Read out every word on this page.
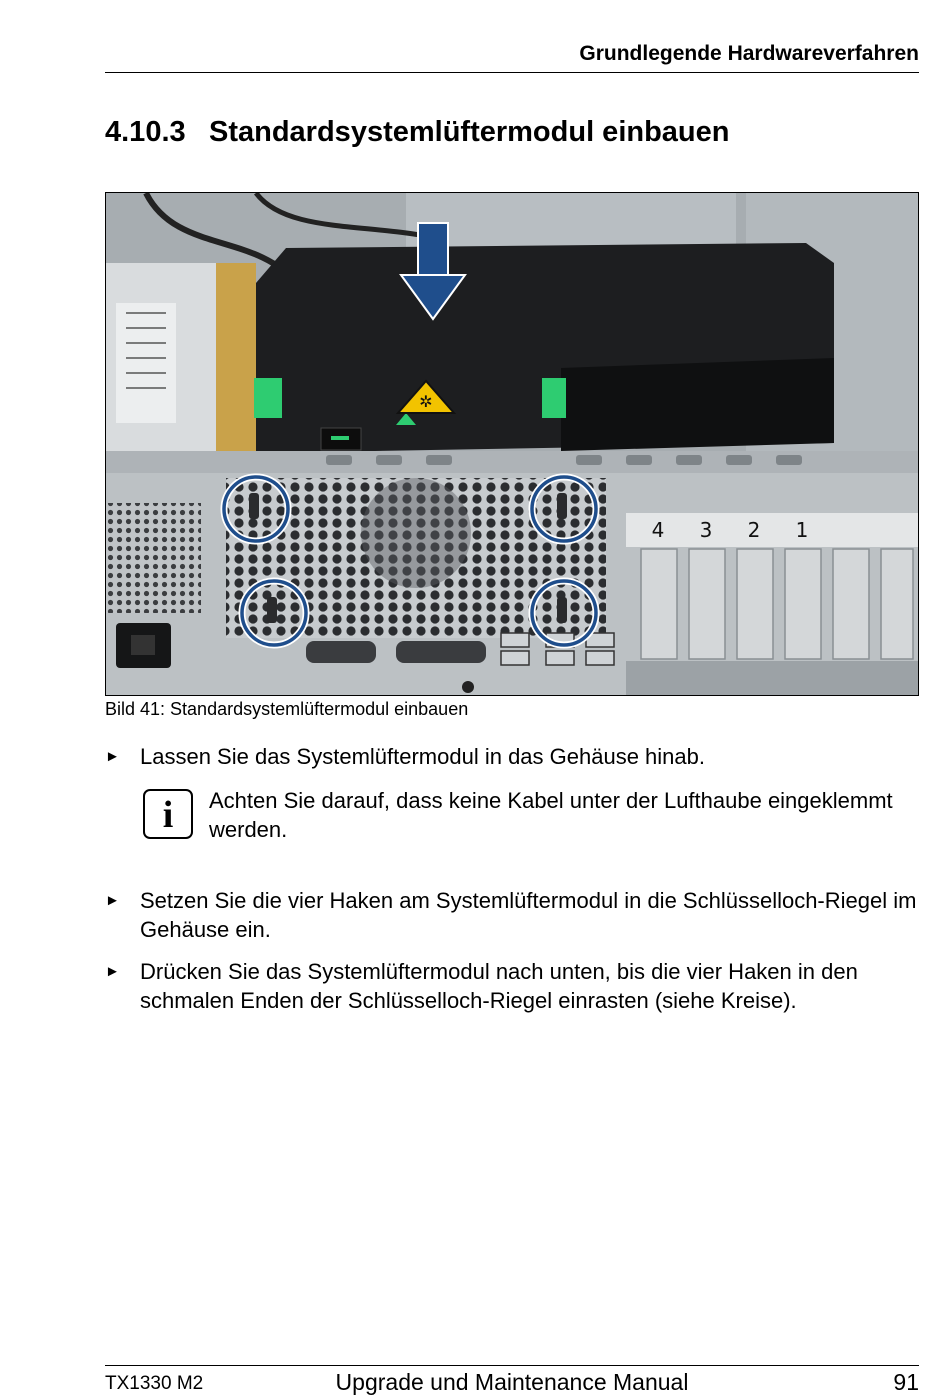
Grundlegende Hardwareverfahren
4.10.3 Standardsystemlüftermodul einbauen
✲
4 3 2 1
Bild 41: Standardsystemlüftermodul einbauen
► Lassen Sie das Systemlüftermodul in das Gehäuse hinab.
i	Achten Sie darauf, dass keine Kabel unter der Lufthaube eingeklemmt werden.
► Setzen Sie die vier Haken am Systemlüftermodul in die Schlüsselloch-Riegel im Gehäuse ein.
► Drücken Sie das Systemlüftermodul nach unten, bis die vier Haken in den schmalen Enden der Schlüsselloch-Riegel einrasten (siehe Kreise).
TX1330 M2	Upgrade und Maintenance Manual	91
